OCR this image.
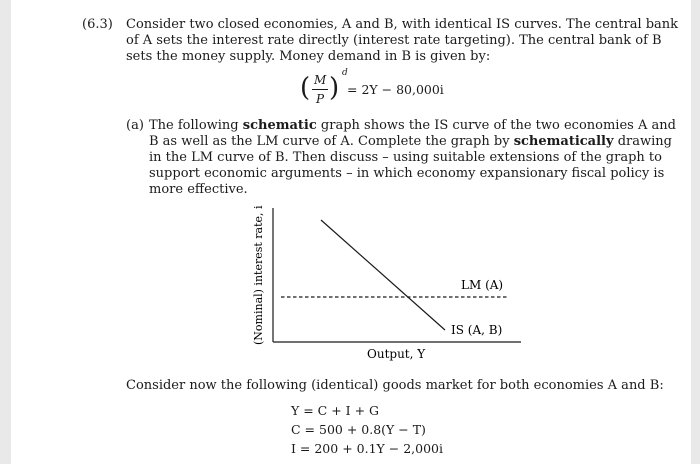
(6.3) Consider two closed economies, A and B, with identical IS curves. The central bank
of A sets the interest rate directly (interest rate targeting). The central bank of B
sets the money supply. Money demand in B is given by:
( M
P ) d
= 2Y − 80,000i
(a) The following schematic graph shows the IS curve of the two economies A and
B as well as the LM curve of A. Complete the graph by schematically drawing
in the LM curve of B. Then discuss – using suitable extensions of the graph to
support economic arguments – in which economy expansionary fiscal policy is
more effective.
LM (A)
IS (A, B)
Output, Y
(Nominal) interest rate, i
Consider now the following (identical) goods market for both economies A and B:
Y = C + I + G
C = 500 + 0.8(Y − T)
I = 200 + 0.1Y − 2,000i
